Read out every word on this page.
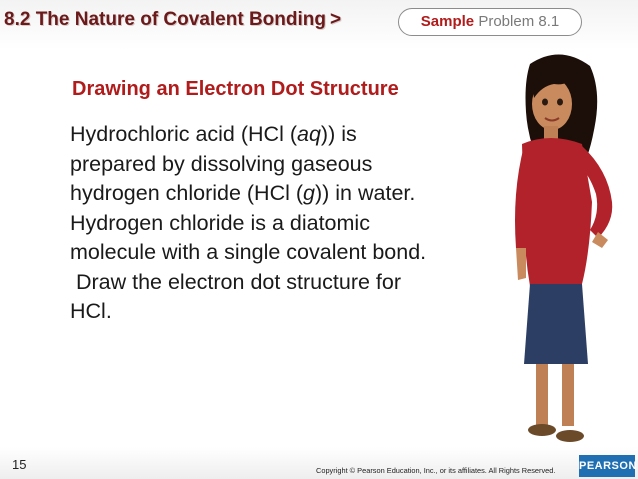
8.2 The Nature of Covalent Bonding >	Sample Problem 8.1
Drawing an Electron Dot Structure

Hydrochloric acid (HCl (aq)) is

prepared by dissolving gaseous

hydrogen chloride (HCl (g)) in water.

Hydrogen chloride is a diatomic

molecule with a single covalent bond.

Draw the electron dot structure for

HCl.

15	Copyright © Pearson Education, Inc., or its affiliates. All Rights Reserved. PEARSON
